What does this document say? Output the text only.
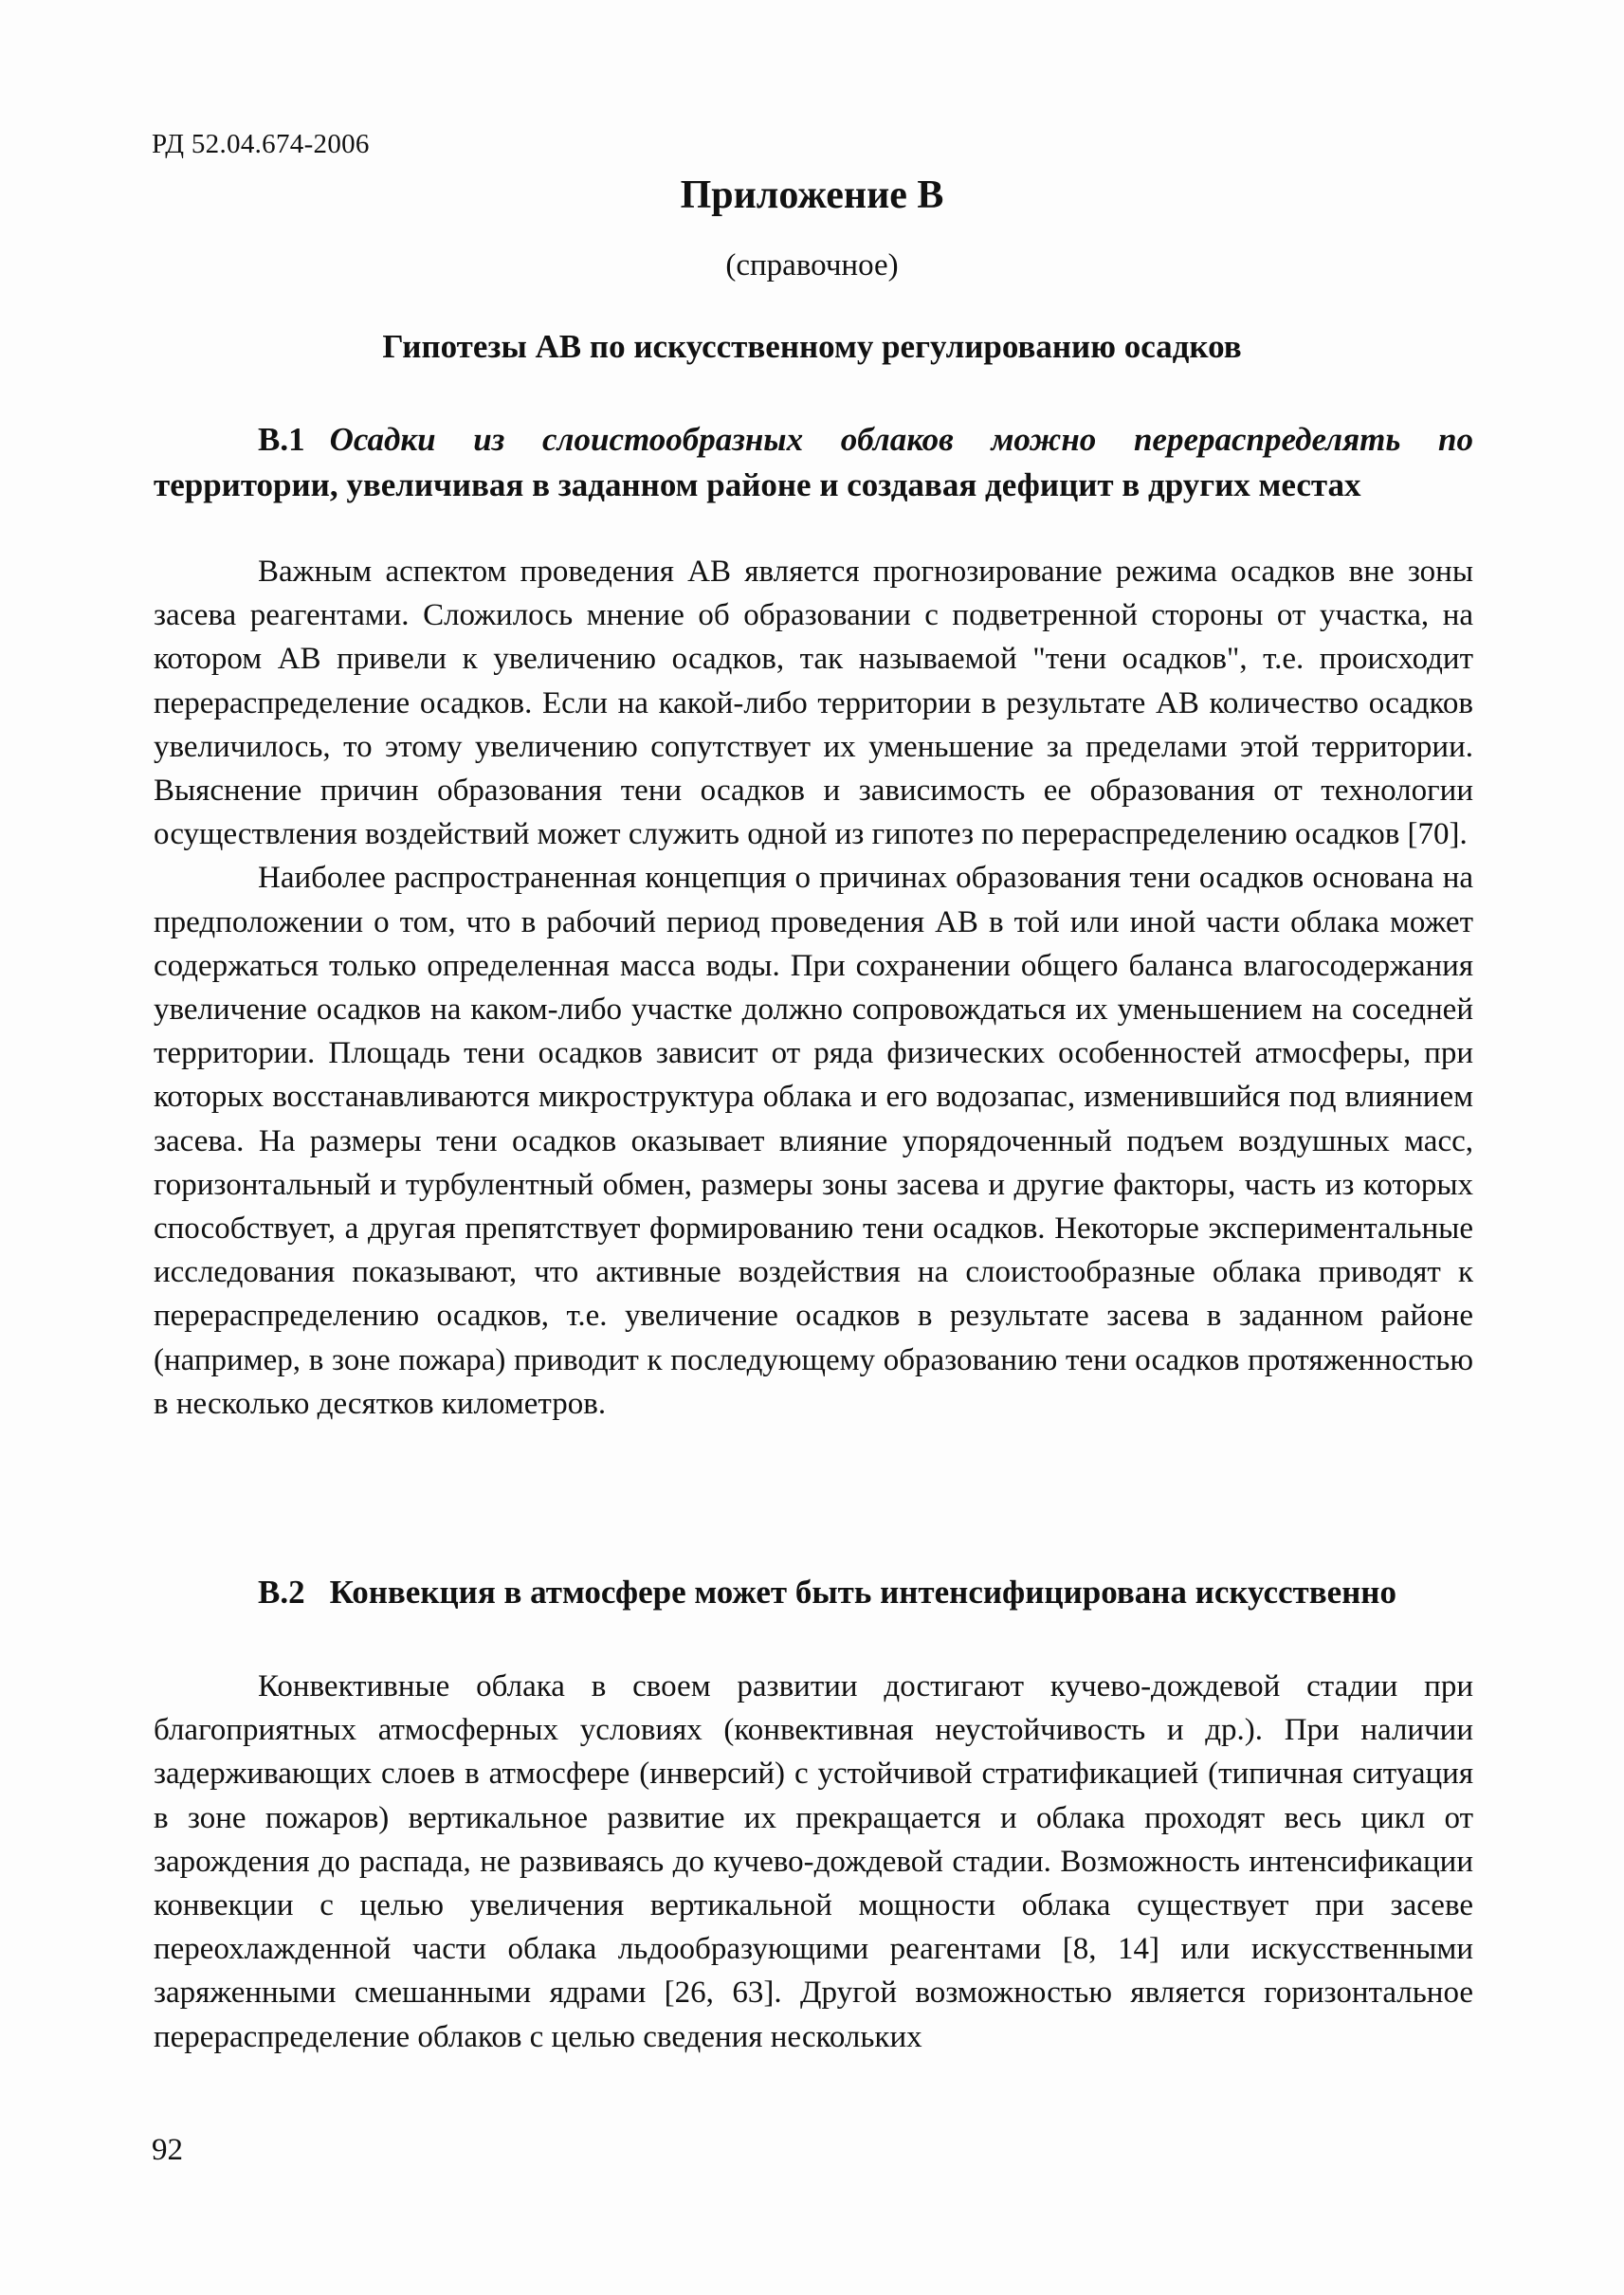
РД 52.04.674-2006
Приложение В
(справочное)
Гипотезы АВ по искусственному регулированию осадков
В.1 Осадки из слоистообразных облаков можно перераспределять по территории, увеличивая в заданном районе и создавая дефицит в других местах

Важным аспектом проведения АВ является прогнозирование режима осадков вне зоны засева реагентами. Сложилось мнение об образовании с подветренной стороны от участка, на котором АВ привели к увеличению осадков, так называемой "тени осадков", т.е. происходит перераспределение осадков. Если на какой-либо территории в результате АВ количество осадков увеличилось, то этому увеличению сопутствует их уменьшение за пределами этой территории. Выяснение причин образования тени осадков и зависимость ее образования от технологии осуществления воздействий может служить одной из гипотез по перераспределению осадков [70].

Наиболее распространенная концепция о причинах образования тени осадков основана на предположении о том, что в рабочий период проведения АВ в той или иной части облака может содержаться только определенная масса воды. При сохранении общего баланса влагосодержания увеличение осадков на каком-либо участке должно сопровождаться их уменьшением на соседней территории. Площадь тени осадков зависит от ряда физических особенностей атмосферы, при которых восстанавливаются микроструктура облака и его водозапас, изменившийся под влиянием засева. На размеры тени осадков оказывает влияние упорядоченный подъем воздушных масс, горизонтальный и турбулентный обмен, размеры зоны засева и другие факторы, часть из которых способствует, а другая препятствует формированию тени осадков. Некоторые экспериментальные исследования показывают, что активные воздействия на слоистообразные облака приводят к перераспределению осадков, т.е. увеличение осадков в результате засева в заданном районе (например, в зоне пожара) приводит к последующему образованию тени осадков протяженностью в несколько десятков километров.

В.2 Конвекция в атмосфере может быть интенсифицирована искусственно

Конвективные облака в своем развитии достигают кучево-дождевой стадии при благоприятных атмосферных условиях (конвективная неустойчивость и др.). При наличии задерживающих слоев в атмосфере (инверсий) с устойчивой стратификацией (типичная ситуация в зоне пожаров) вертикальное развитие их прекращается и облака проходят весь цикл от зарождения до распада, не развиваясь до кучево-дождевой стадии. Возможность интенсификации конвекции с целью увеличения вертикальной мощности облака существует при засеве переохлажденной части облака льдообразующими реагентами [8, 14] или искусственными заряженными смешанными ядрами [26, 63]. Другой возможностью является горизонтальное перераспределение облаков с целью сведения нескольких

92
